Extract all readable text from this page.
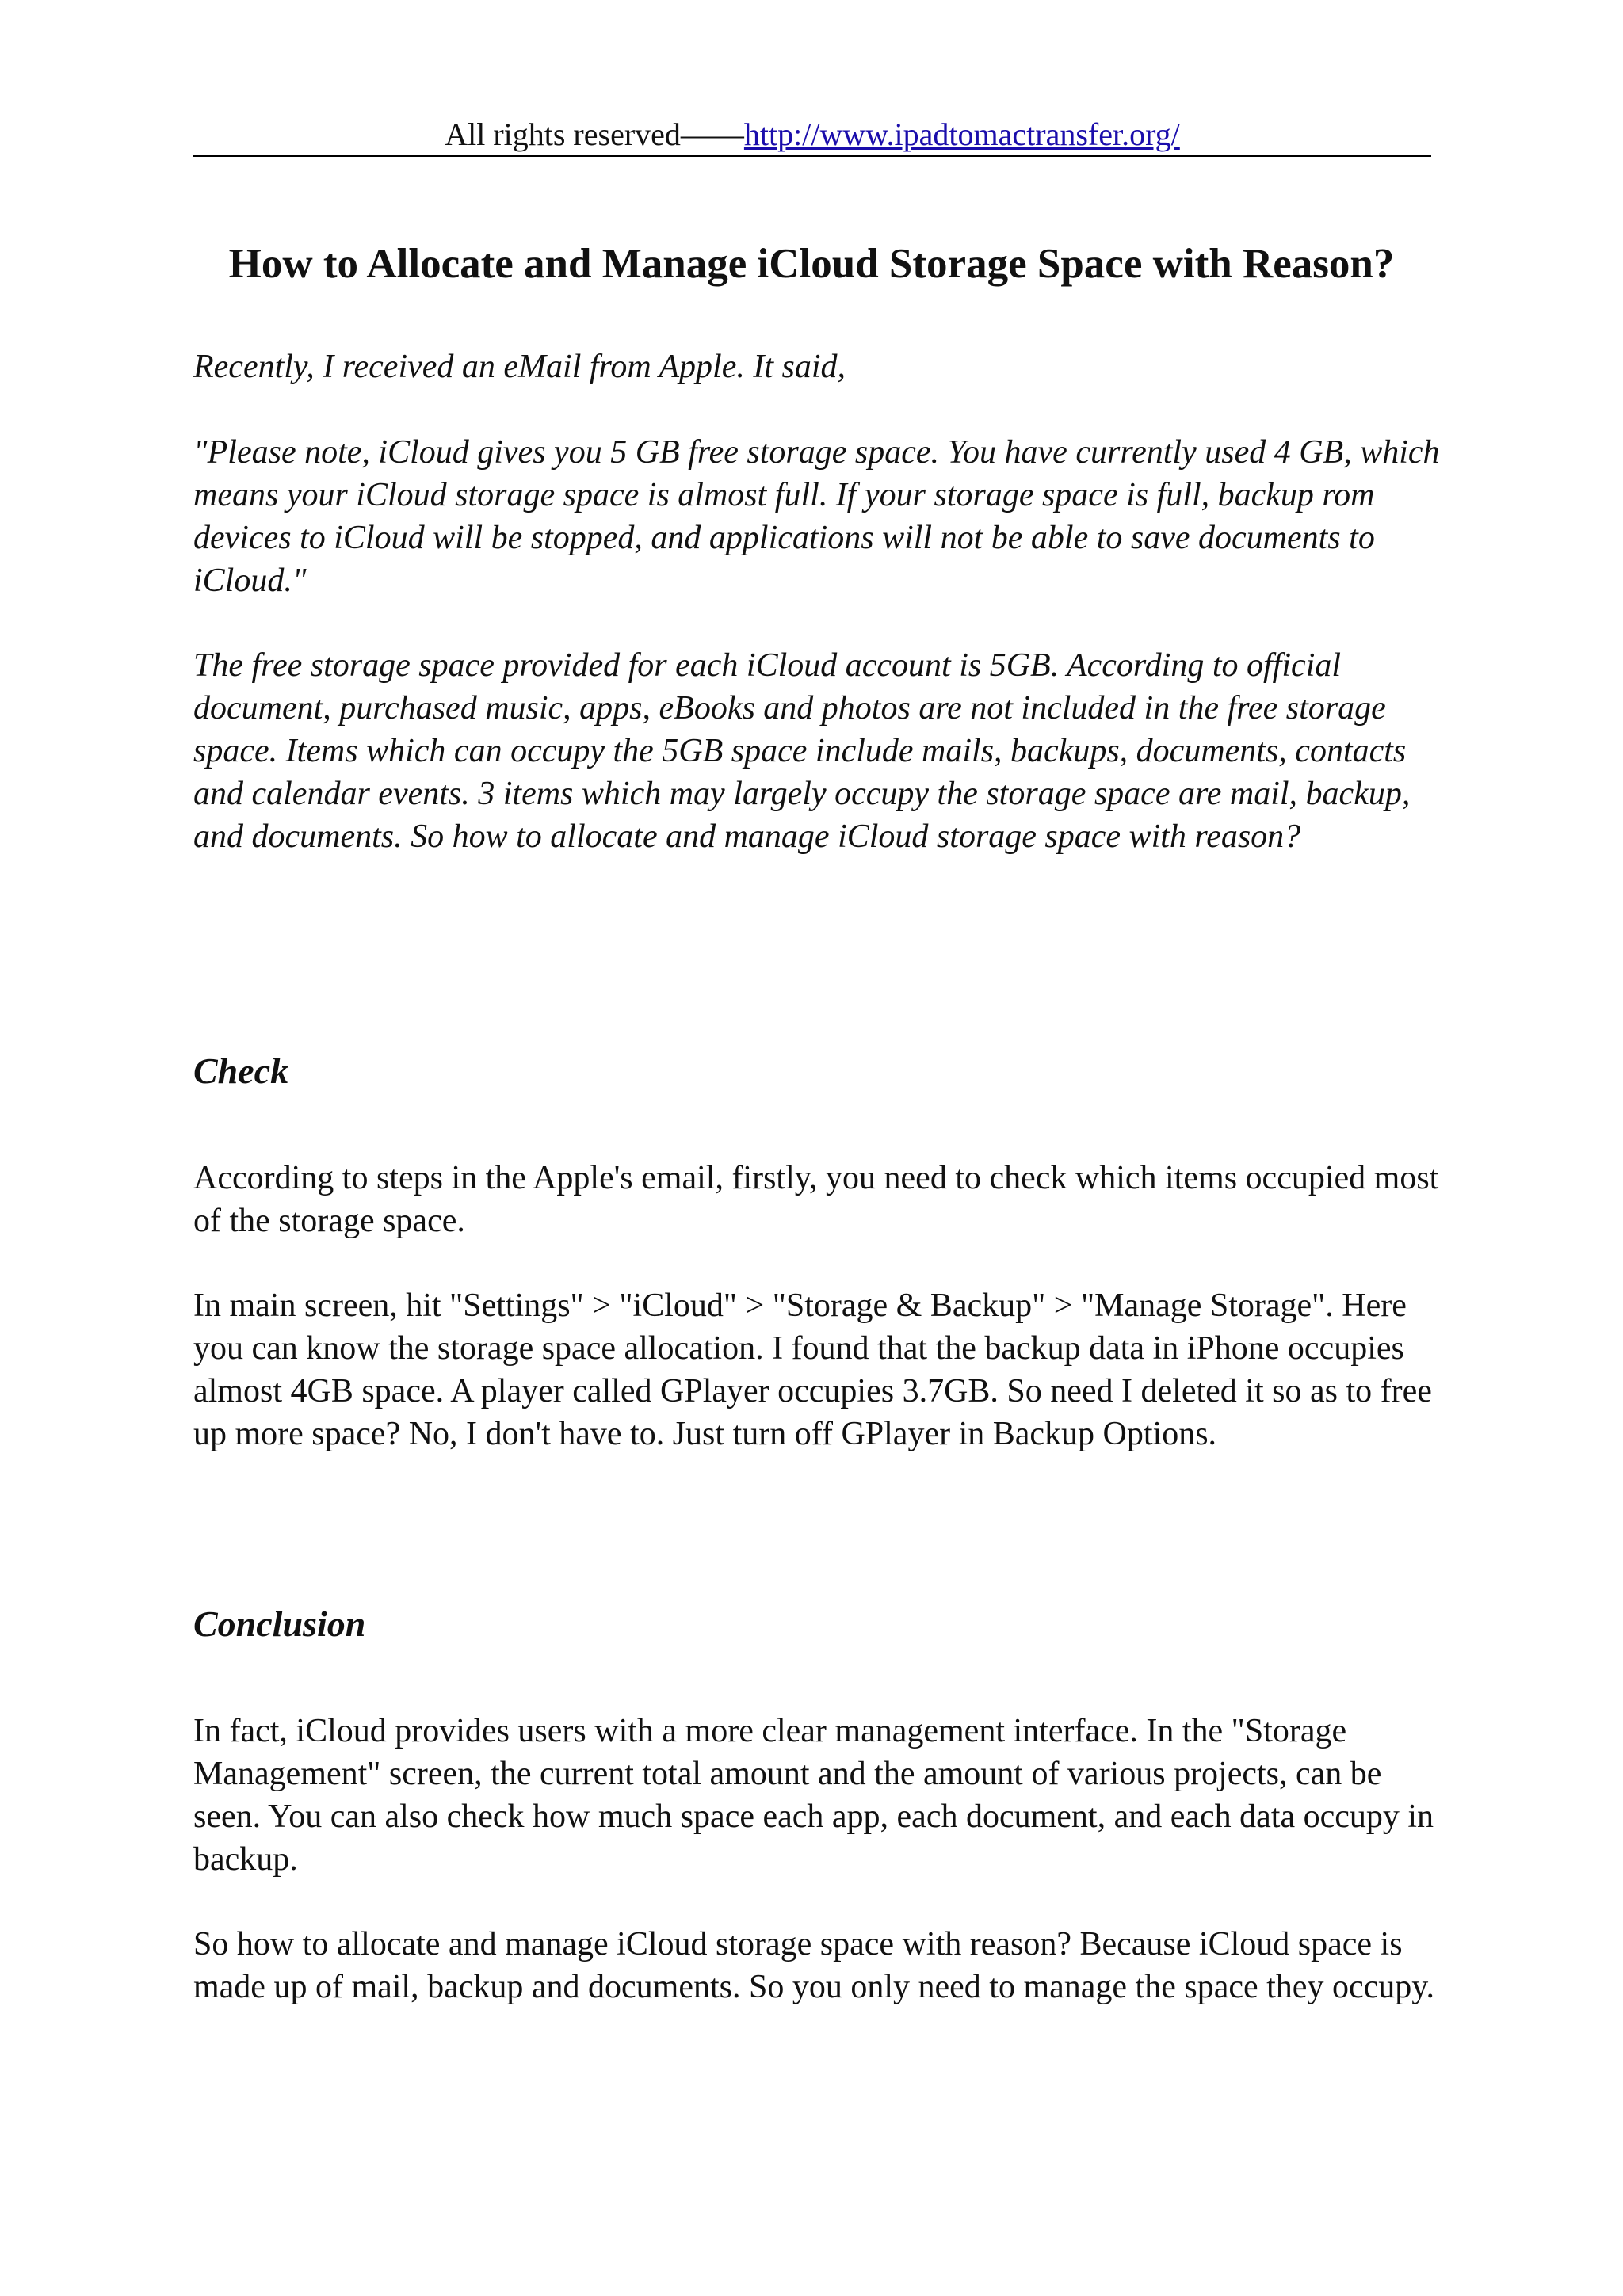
All rights reserved——http://www.ipadtomactransfer.org/
How to Allocate and Manage iCloud Storage Space with Reason?

Recently, I received an eMail from Apple. It said,

"Please note, iCloud gives you 5 GB free storage space. You have currently used 4 GB, which means your iCloud storage space is almost full. If your storage space is full, backup rom devices to iCloud will be stopped, and applications will not be able to save documents to iCloud."

The free storage space provided for each iCloud account is 5GB. According to official document, purchased music, apps, eBooks and photos are not included in the free storage space. Items which can occupy the 5GB space include mails, backups, documents, contacts and calendar events. 3 items which may largely occupy the storage space are mail, backup, and documents. So how to allocate and manage iCloud storage space with reason?

Check

According to steps in the Apple's email, firstly, you need to check which items occupied most of the storage space.

In main screen, hit "Settings" > "iCloud" > "Storage & Backup" > "Manage Storage". Here you can know the storage space allocation. I found that the backup data in iPhone occupies almost 4GB space. A player called GPlayer occupies 3.7GB. So need I deleted it so as to free up more space? No, I don't have to. Just turn off GPlayer in Backup Options.

Conclusion

In fact, iCloud provides users with a more clear management interface. In the "Storage Management" screen, the current total amount and the amount of various projects, can be seen. You can also check how much space each app, each document, and each data occupy in backup.

So how to allocate and manage iCloud storage space with reason? Because iCloud space is made up of mail, backup and documents. So you only need to manage the space they occupy.
